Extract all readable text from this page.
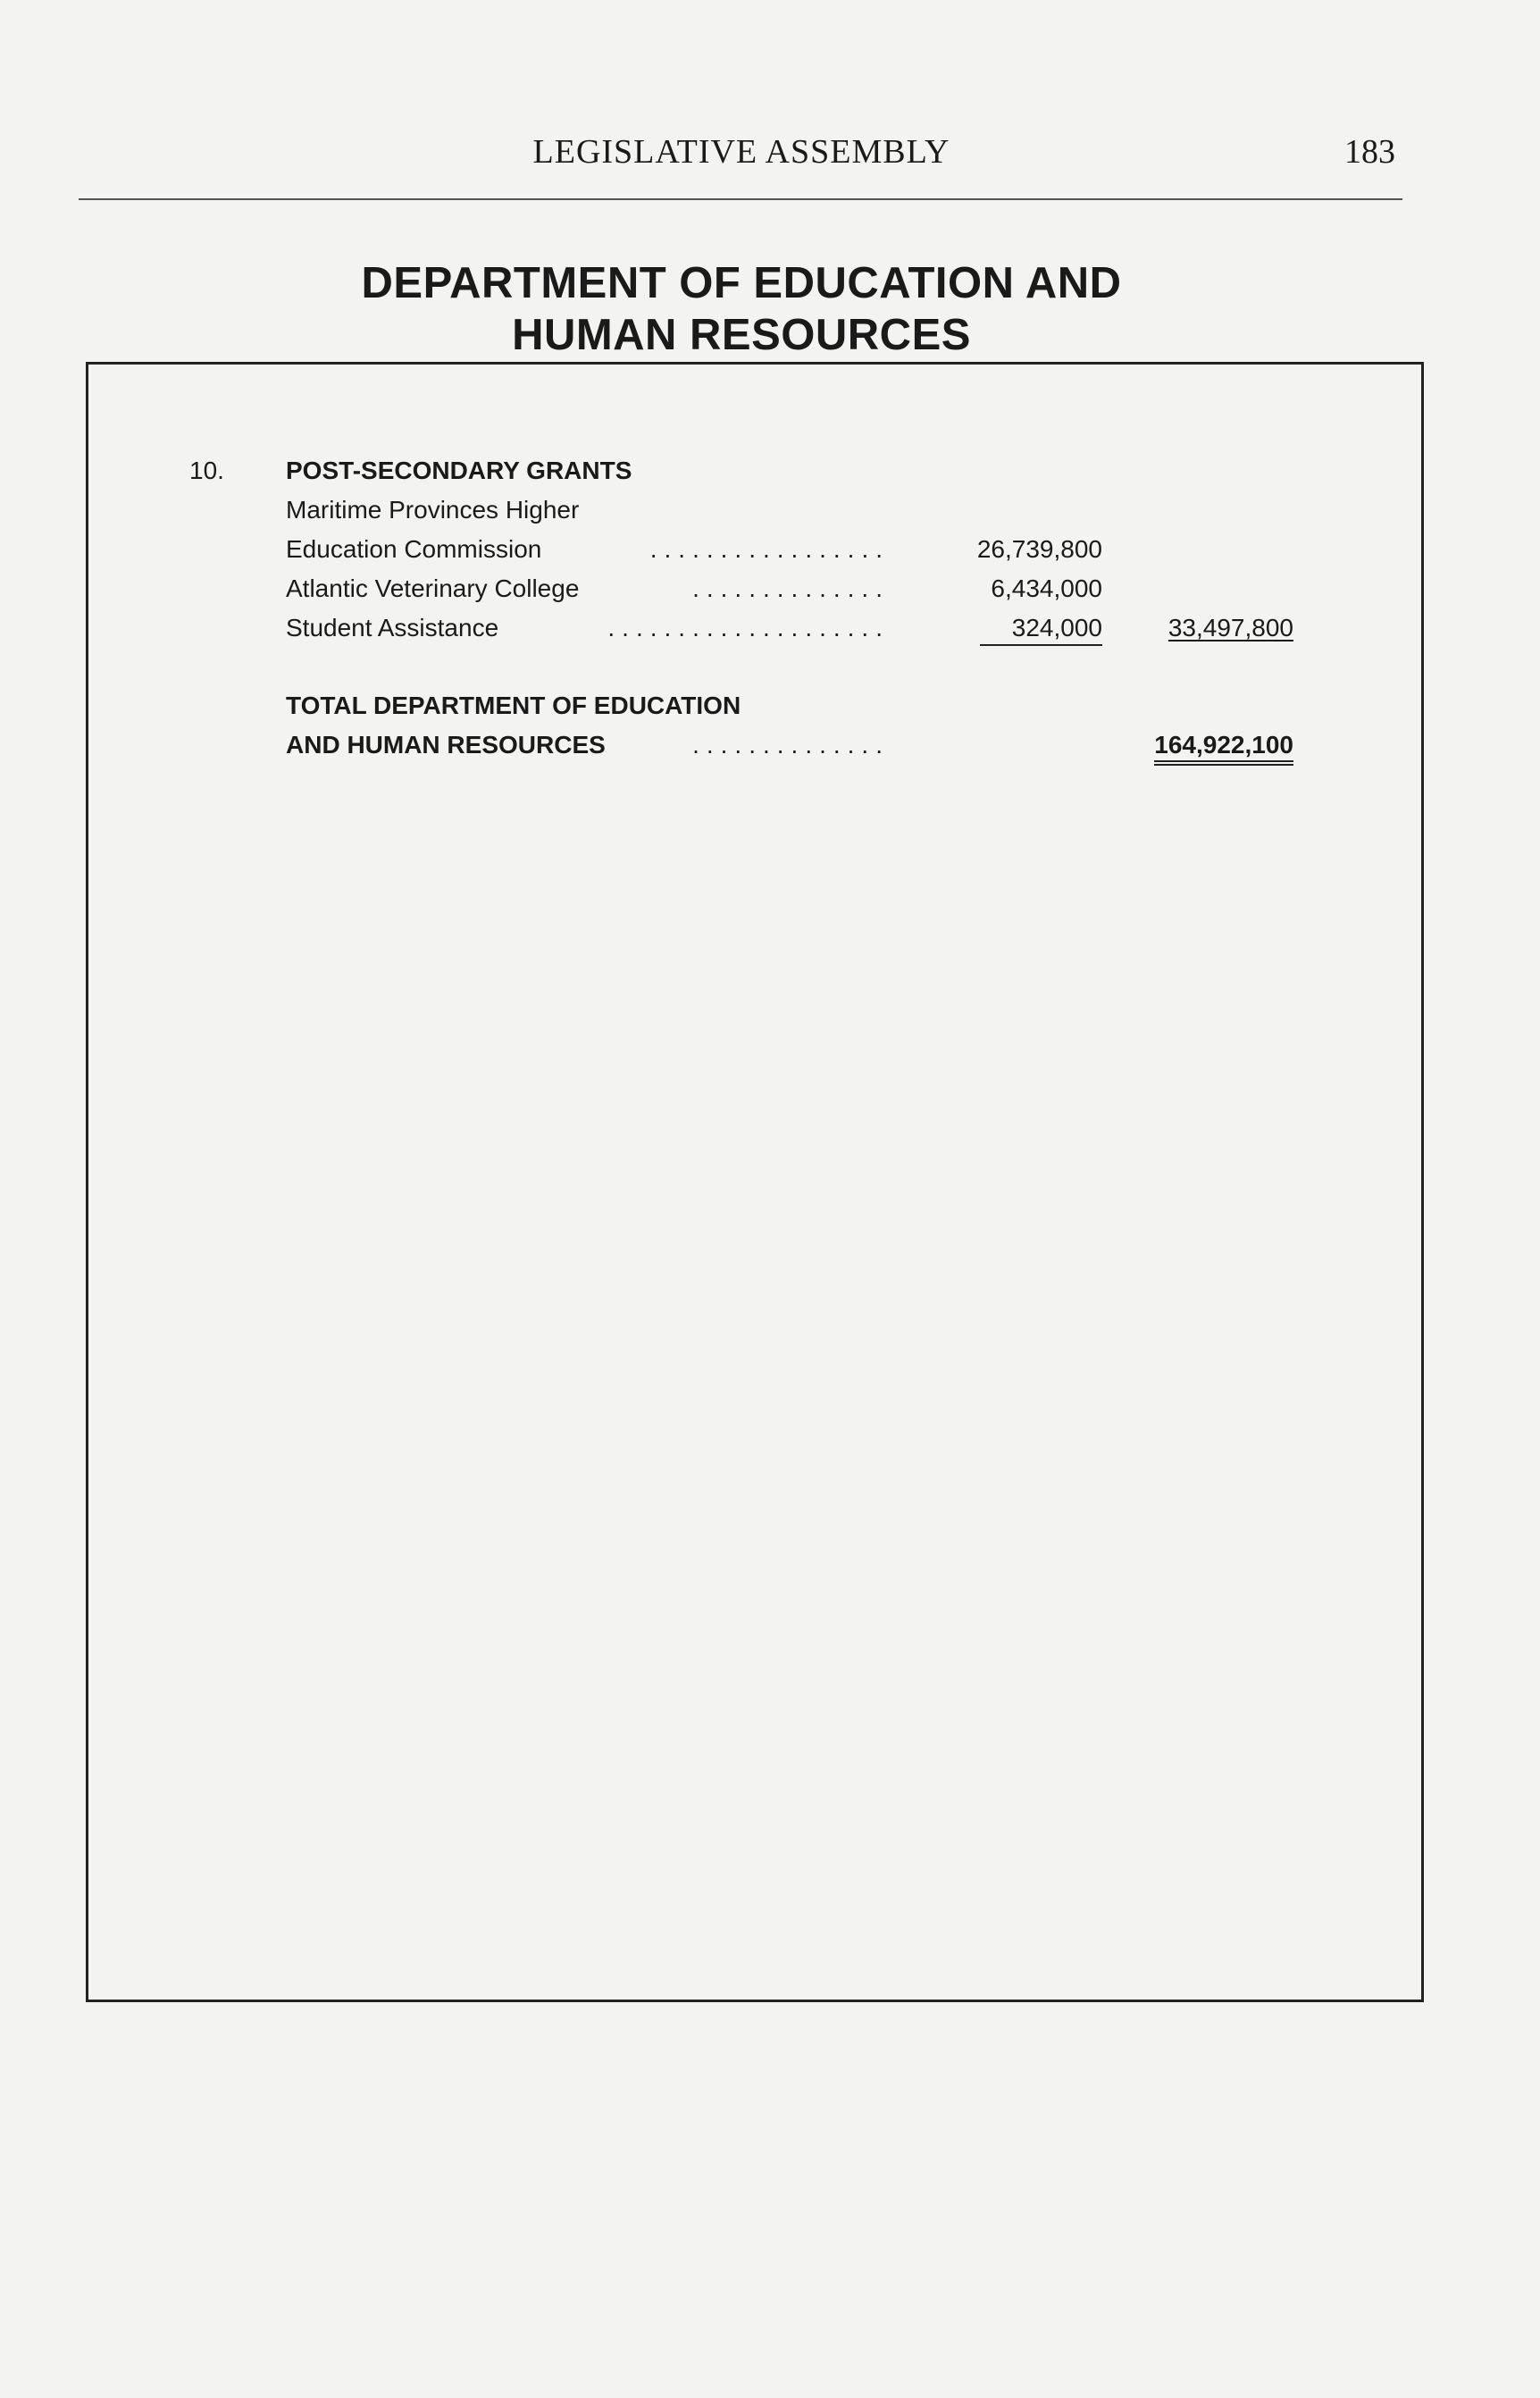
LEGISLATIVE ASSEMBLY	183
DEPARTMENT OF EDUCATION AND
HUMAN RESOURCES
10. POST-SECONDARY GRANTS
Maritime Provinces Higher
Education Commission	.................	26,739,800
Atlantic Veterinary College	..............	6,434,000
Student Assistance	....................	324,000	33,497,800
TOTAL DEPARTMENT OF EDUCATION
AND HUMAN RESOURCES	..............	164,922,100
